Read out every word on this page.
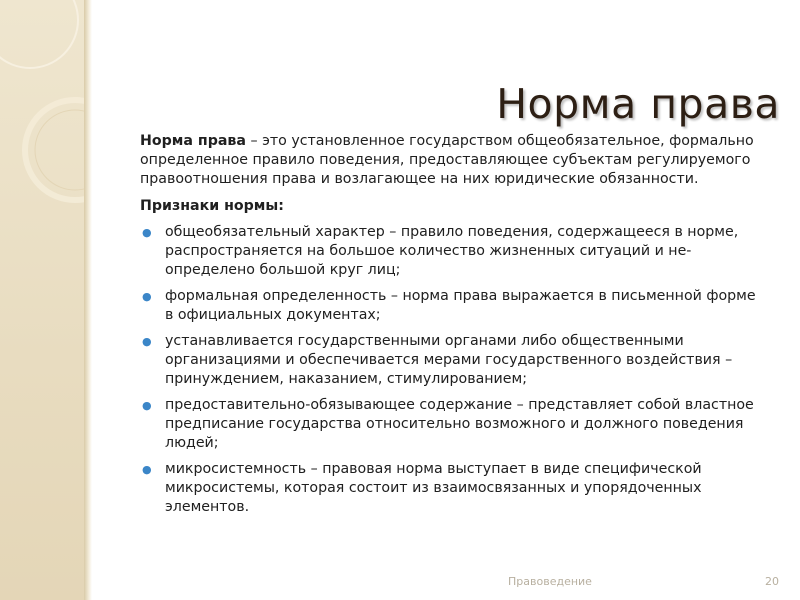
Норма права

Норма права – это установленное государством общеобязательное, формально определенное правило поведения, предоставляющее субъектам регулируемого правоотношения права и возлагающее на них юридические обязанности.

Признаки нормы:

● общеобязательный характер – правило поведения, содержащееся в норме, распространяется на большое количество жизненных ситуаций и не-определено большой круг лиц;
● формальная определенность – норма права выражается в письменной форме в официальных документах;
● устанавливается государственными органами либо общественными организациями и обеспечивается мерами государственного воздействия – принуждением, наказанием, стимулированием;
● предоставительно-обязывающее содержание – представляет собой властное предписание государства относительно возможного и должного поведения людей;
● микросистемность – правовая норма выступает в виде специфической микросистемы, которая состоит из взаимосвязанных и упорядоченных элементов.
Правоведение	20
